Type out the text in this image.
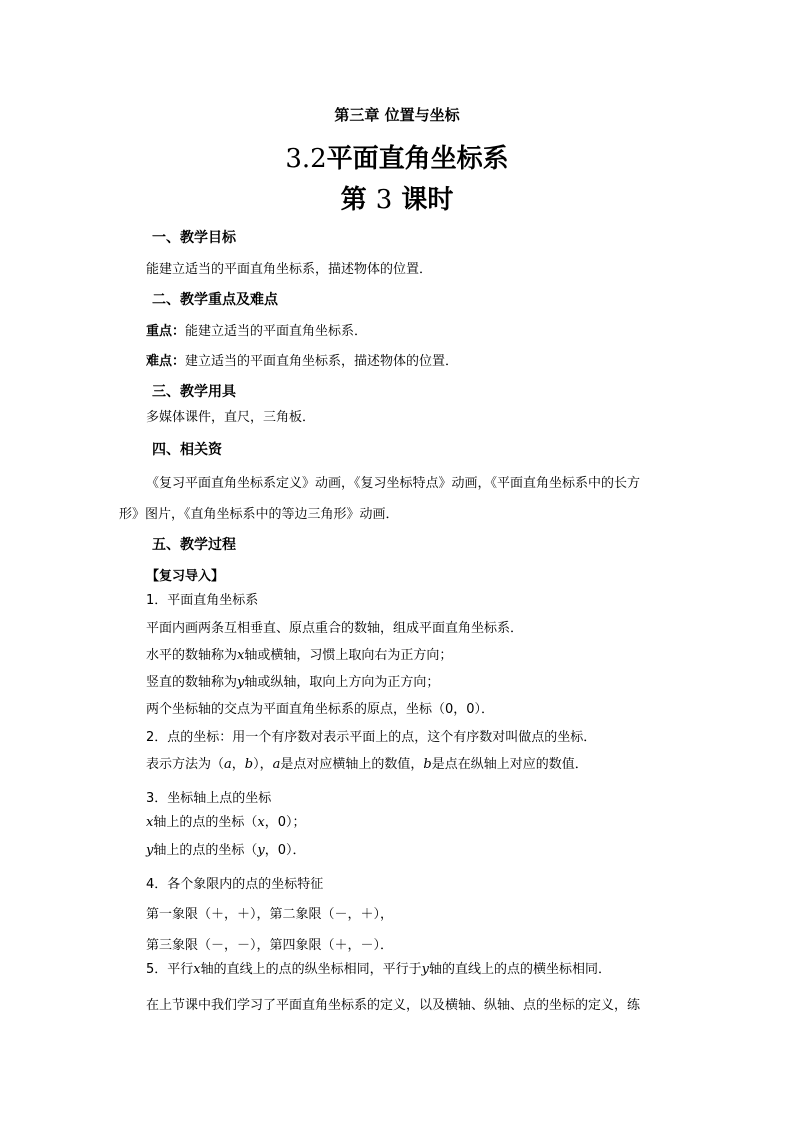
第三章 位置与坐标
3.2平面直角坐标系
第 3 课时
一、教学目标
能建立适当的平面直角坐标系，描述物体的位置．
二、教学重点及难点
重点：能建立适当的平面直角坐标系．
难点：建立适当的平面直角坐标系，描述物体的位置．
三、教学用具
多媒体课件，直尺，三角板．
四、相关资
《复习平面直角坐标系定义》动画，《复习坐标特点》动画，《平面直角坐标系中的长方
形》图片，《直角坐标系中的等边三角形》动画．
五、教学过程
【复习导入】
1．平面直角坐标系
平面内画两条互相垂直、原点重合的数轴，组成平面直角坐标系．
水平的数轴称为x轴或横轴，习惯上取向右为正方向；
竖直的数轴称为y轴或纵轴，取向上方向为正方向；
两个坐标轴的交点为平面直角坐标系的原点，坐标（0，0）．
2．点的坐标：用一个有序数对表示平面上的点，这个有序数对叫做点的坐标．
表示方法为（a，b），a是点对应横轴上的数值，b是点在纵轴上对应的数值．
3．坐标轴上点的坐标
x轴上的点的坐标（x，0）；
y轴上的点的坐标（y，0）．
4．各个象限内的点的坐标特征
第一象限（＋，＋），第二象限（－，＋），
第三象限（－，－），第四象限（＋，－）．
5．平行x轴的直线上的点的纵坐标相同，平行于y轴的直线上的点的横坐标相同．
在上节课中我们学习了平面直角坐标系的定义，以及横轴、纵轴、点的坐标的定义，练
